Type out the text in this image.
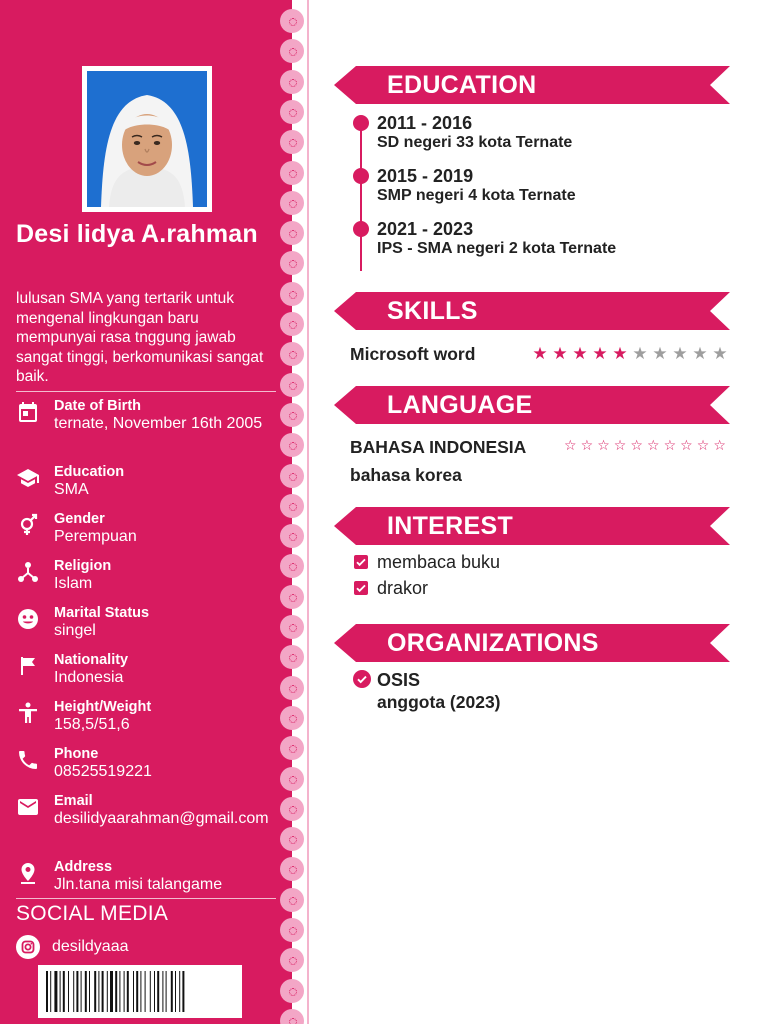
Desi lidya A.rahman
lulusan SMA yang tertarik untuk mengenal lingkungan baru mempunyai rasa tnggung jawab sangat tinggi, berkomunikasi sangat baik.
Date of Birth
ternate, November 16th 2005
Education
SMA
Gender
Perempuan
Religion
Islam
Marital Status
singel
Nationality
Indonesia
Height/Weight
158,5/51,6
Phone
08525519221
Email
desilidyaarahman@gmail.com
Address
Jln.tana misi talangame
SOCIAL MEDIA
desildyaaa
EDUCATION
2011 - 2016
SD negeri 33 kota Ternate
2015 - 2019
SMP negeri 4 kota Ternate
2021 - 2023
IPS - SMA negeri 2 kota Ternate
SKILLS
Microsoft word	★ ★ ★ ★ ★ ★ ★ ★ ★ ★
LANGUAGE
BAHASA INDONESIA	☆ ☆ ☆ ☆ ☆ ☆ ☆ ☆ ☆ ☆
bahasa korea
INTEREST
membaca buku
drakor
ORGANIZATIONS
OSIS
anggota (2023)
